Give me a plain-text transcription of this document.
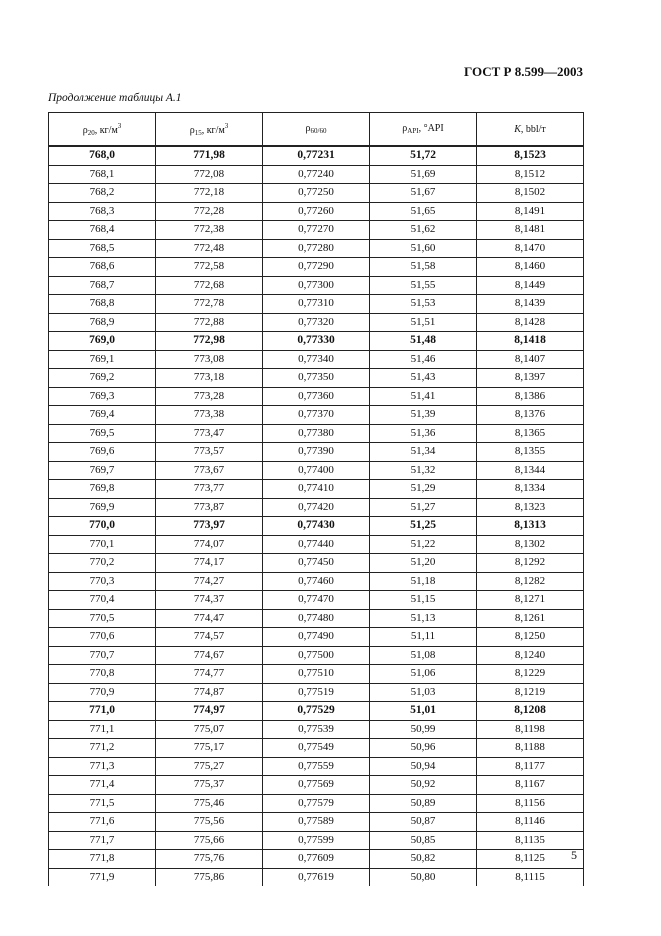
ГОСТ Р 8.599—2003
Продолжение таблицы А.1
$\rho_{20}$, $кг/м^3$	$\rho_{15}$, $кг/м^3$	$\rho_{60/60}$	$\rho_{API}$, °API	K, bbl/т
768,0	771,98	0,77231	51,72	8,1523
768,1	772,08	0,77240	51,69	8,1512
768,2	772,18	0,77250	51,67	8,1502
768,3	772,28	0,77260	51,65	8,1491
768,4	772,38	0,77270	51,62	8,1481
768,5	772,48	0,77280	51,60	8,1470
768,6	772,58	0,77290	51,58	8,1460
768,7	772,68	0,77300	51,55	8,1449
768,8	772,78	0,77310	51,53	8,1439
768,9	772,88	0,77320	51,51	8,1428
769,0	772,98	0,77330	51,48	8,1418
769,1	773,08	0,77340	51,46	8,1407
769,2	773,18	0,77350	51,43	8,1397
769,3	773,28	0,77360	51,41	8,1386
769,4	773,38	0,77370	51,39	8,1376
769,5	773,47	0,77380	51,36	8,1365
769,6	773,57	0,77390	51,34	8,1355
769,7	773,67	0,77400	51,32	8,1344
769,8	773,77	0,77410	51,29	8,1334
769,9	773,87	0,77420	51,27	8,1323
770,0	773,97	0,77430	51,25	8,1313
770,1	774,07	0,77440	51,22	8,1302
770,2	774,17	0,77450	51,20	8,1292
770,3	774,27	0,77460	51,18	8,1282
770,4	774,37	0,77470	51,15	8,1271
770,5	774,47	0,77480	51,13	8,1261
770,6	774,57	0,77490	51,11	8,1250
770,7	774,67	0,77500	51,08	8,1240
770,8	774,77	0,77510	51,06	8,1229
770,9	774,87	0,77519	51,03	8,1219
771,0	774,97	0,77529	51,01	8,1208
771,1	775,07	0,77539	50,99	8,1198
771,2	775,17	0,77549	50,96	8,1188
771,3	775,27	0,77559	50,94	8,1177
771,4	775,37	0,77569	50,92	8,1167
771,5	775,46	0,77579	50,89	8,1156
771,6	775,56	0,77589	50,87	8,1146
771,7	775,66	0,77599	50,85	8,1135
771,8	775,76	0,77609	50,82	8,1125
771,9	775,86	0,77619	50,80	8,1115
5
